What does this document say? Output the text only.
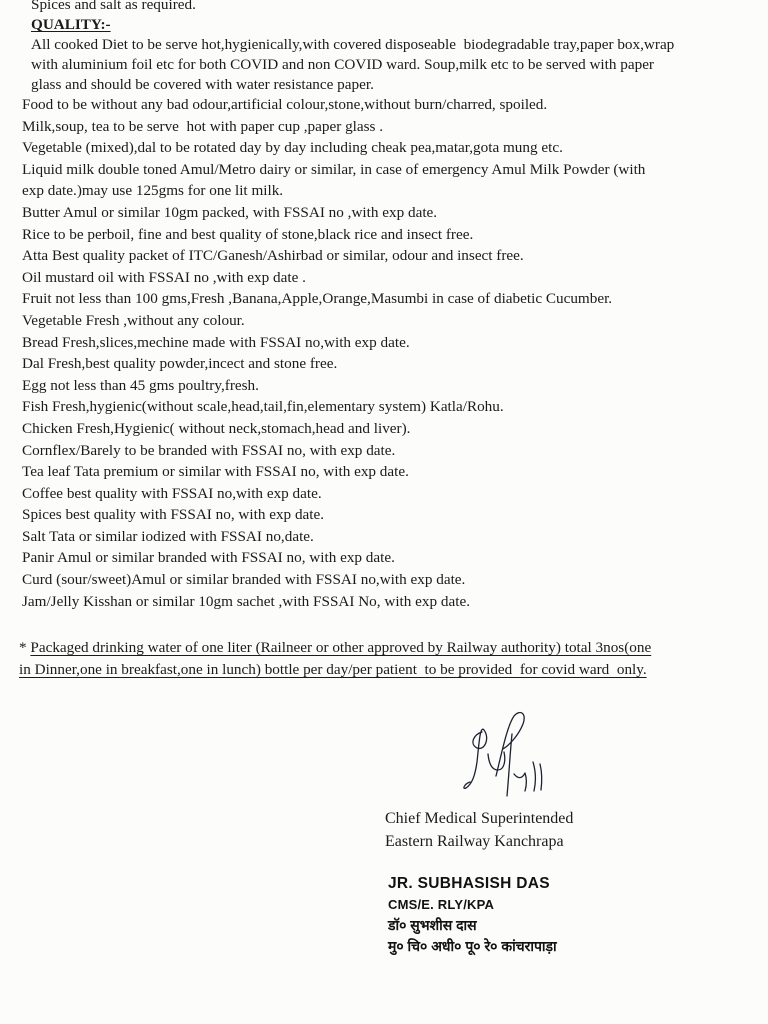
Spices and salt as required.
QUALITY:-
All cooked Diet to be serve hot,hygienically,with covered disposeable  biodegradable tray,paper box,wrap
with aluminium foil etc for both COVID and non COVID ward. Soup,milk etc to be served with paper
glass and should be covered with water resistance paper.
Food to be without any bad odour,artificial colour,stone,without burn/charred, spoiled.
Milk,soup, tea to be serve  hot with paper cup ,paper glass .
Vegetable (mixed),dal to be rotated day by day including cheak pea,matar,gota mung etc.
Liquid milk double toned Amul/Metro dairy or similar, in case of emergency Amul Milk Powder (with
exp date.)may use 125gms for one lit milk.
Butter Amul or similar 10gm packed, with FSSAI no ,with exp date.
Rice to be perboil, fine and best quality of stone,black rice and insect free.
Atta Best quality packet of ITC/Ganesh/Ashirbad or similar, odour and insect free.
Oil mustard oil with FSSAI no ,with exp date .
Fruit not less than 100 gms,Fresh ,Banana,Apple,Orange,Masumbi in case of diabetic Cucumber.
Vegetable Fresh ,without any colour.
Bread Fresh,slices,mechine made with FSSAI no,with exp date.
Dal Fresh,best quality powder,incect and stone free.
Egg not less than 45 gms poultry,fresh.
Fish Fresh,hygienic(without scale,head,tail,fin,elementary system) Katla/Rohu.
Chicken Fresh,Hygienic( without neck,stomach,head and liver).
Cornflex/Barely to be branded with FSSAI no, with exp date.
Tea leaf Tata premium or similar with FSSAI no, with exp date.
Coffee best quality with FSSAI no,with exp date.
Spices best quality with FSSAI no, with exp date.
Salt Tata or similar iodized with FSSAI no,date.
Panir Amul or similar branded with FSSAI no, with exp date.
Curd (sour/sweet)Amul or similar branded with FSSAI no,with exp date.
Jam/Jelly Kisshan or similar 10gm sachet ,with FSSAI No, with exp date.
* Packaged drinking water of one liter (Railneer or other approved by Railway authority) total 3nos(one
in Dinner,one in breakfast,one in lunch) bottle per day/per patient  to be provided  for covid ward  only.
Chief Medical Superintended
Eastern Railway Kanchrapa
JR. SUBHASISH DAS
CMS/E. RLY/KPA
डॉ० सुभशीस दास
मु० चि० अधी० पू० रे० कांचरापाड़ा
